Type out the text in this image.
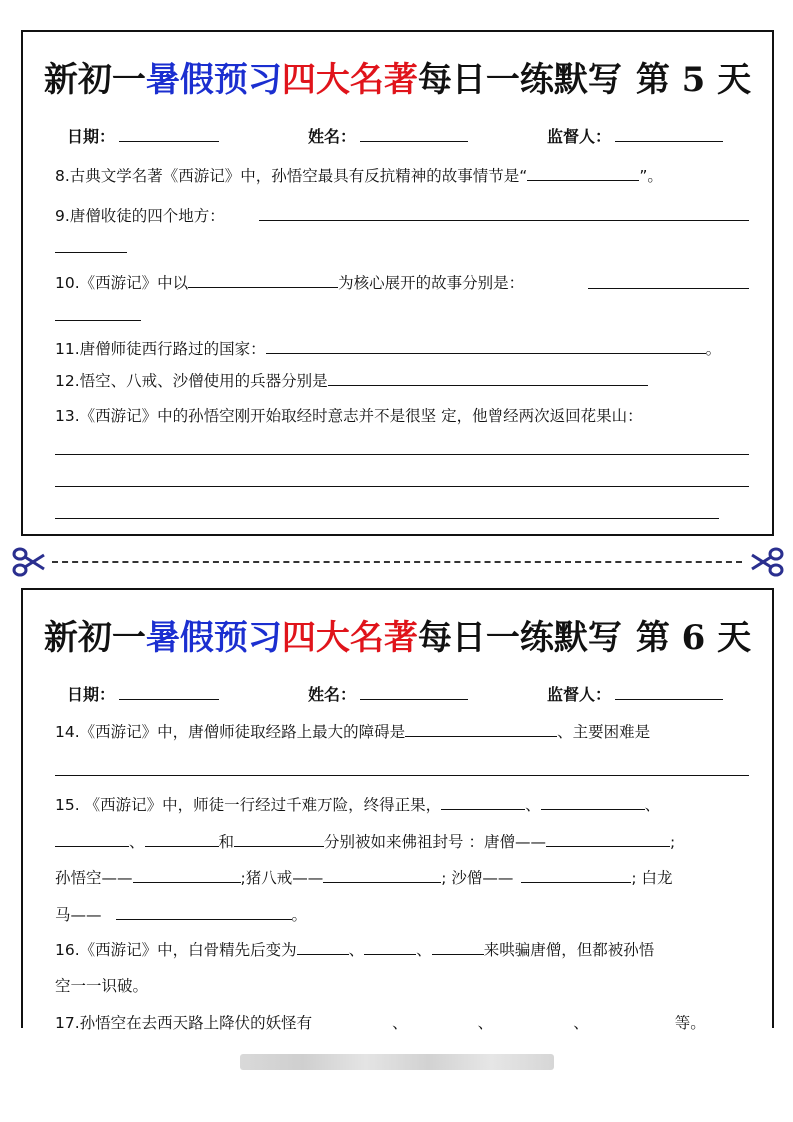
新初一暑假预习四大名著每日一练默写 第 5 天
日期：	姓名：	监督人：
8.古典文学名著《西游记》中，孙悟空最具有反抗精神的故事情节是“	”。
9.唐僧收徒的四个地方：
10.《西游记》中以	为核心展开的故事分别是：
11.唐僧师徒西行路过的国家：	。
12.悟空、八戒、沙僧使用的兵器分别是
13.《西游记》中的孙悟空刚开始取经时意志并不是很坚 定，他曾经两次返回花果山：
新初一暑假预习四大名著每日一练默写 第 6 天
日期：	姓名：	监督人：
14.《西游记》中，唐僧师徒取经路上最大的障碍是	、主要困难是
15. 《西游记》中，师徒一行经过千难万险，终得正果，	、	、
、	和	分别被如来佛祖封号 ：唐僧——	;
孙悟空——	;猪八戒——	; 沙僧——	; 白龙
马——	。
16.《西游记》中，白骨精先后变为	、	、	来哄骗唐僧，但都被孙悟
空一一识破。
17.孙悟空在去西天路上降伏的妖怪有	、	、	、	等。
